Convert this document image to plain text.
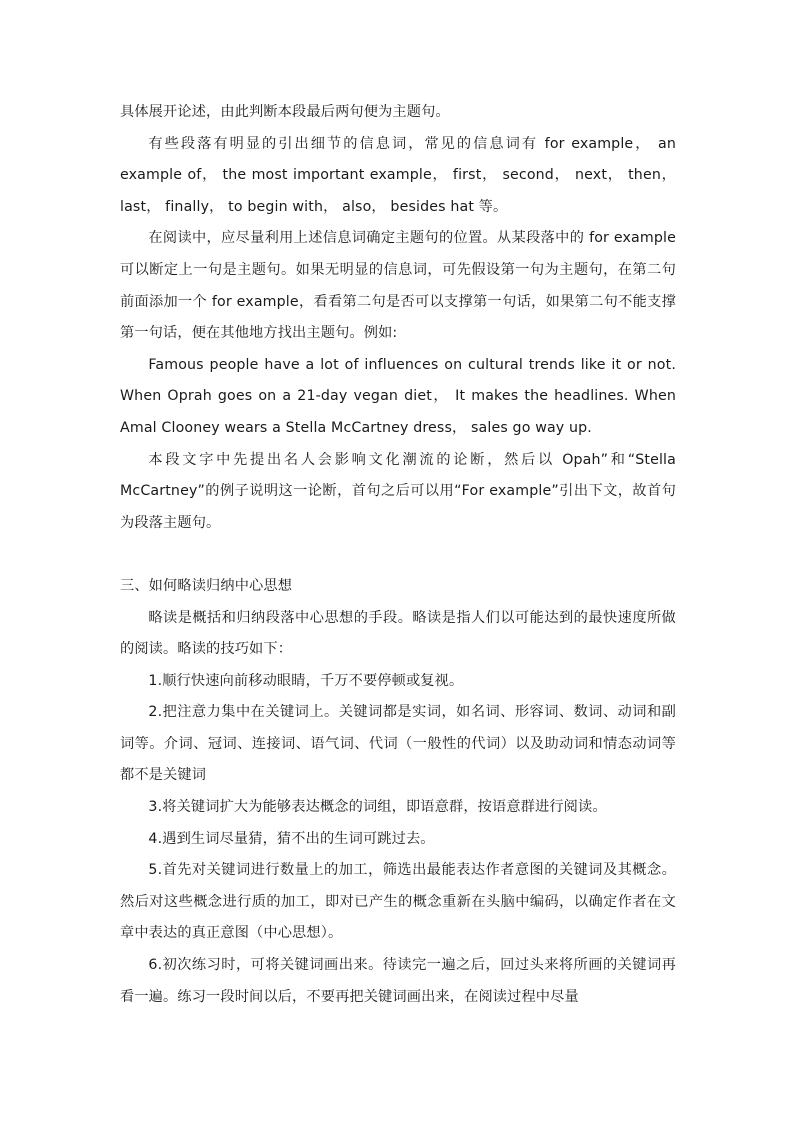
具体展开论述，由此判断本段最后两句便为主题句。

有些段落有明显的引出细节的信息词，常见的信息词有 for example， an example of， the most important example， first， second， next， then， last， finally， to begin with， also， besides hat 等。

在阅读中，应尽量利用上述信息词确定主题句的位置。从某段落中的 for example 可以断定上一句是主题句。如果无明显的信息词，可先假设第一句为主题句，在第二句前面添加一个 for example，看看第二句是否可以支撑第一句话，如果第二句不能支撑第一句话，便在其他地方找出主题句。例如:

Famous people have a lot of influences on cultural trends like it or not. When Oprah goes on a 21-day vegan diet， It makes the headlines. When Amal Clooney wears a Stella McCartney dress， sales go way up.

本段文字中先提出名人会影响文化潮流的论断，然后以 Opah”和“Stella McCartney”的例子说明这一论断，首句之后可以用“For example”引出下文，故首句为段落主题句。

三、如何略读归纳中心思想

略读是概括和归纳段落中心思想的手段。略读是指人们以可能达到的最快速度所做的阅读。略读的技巧如下：

1.顺行快速向前移动眼睛，千万不要停顿或复视。

2.把注意力集中在关键词上。关键词都是实词，如名词、形容词、数词、动词和副词等。介词、冠词、连接词、语气词、代词（一般性的代词）以及助动词和情态动词等都不是关键词

3.将关键词扩大为能够表达概念的词组，即语意群，按语意群进行阅读。

4.遇到生词尽量猜，猜不出的生词可跳过去。

5.首先对关键词进行数量上的加工，筛选出最能表达作者意图的关键词及其概念。然后对这些概念进行质的加工，即对已产生的概念重新在头脑中编码，以确定作者在文章中表达的真正意图（中心思想）。

6.初次练习时，可将关键词画出来。待读完一遍之后，回过头来将所画的关键词再看一遍。练习一段时间以后，不要再把关键词画出来，在阅读过程中尽量
